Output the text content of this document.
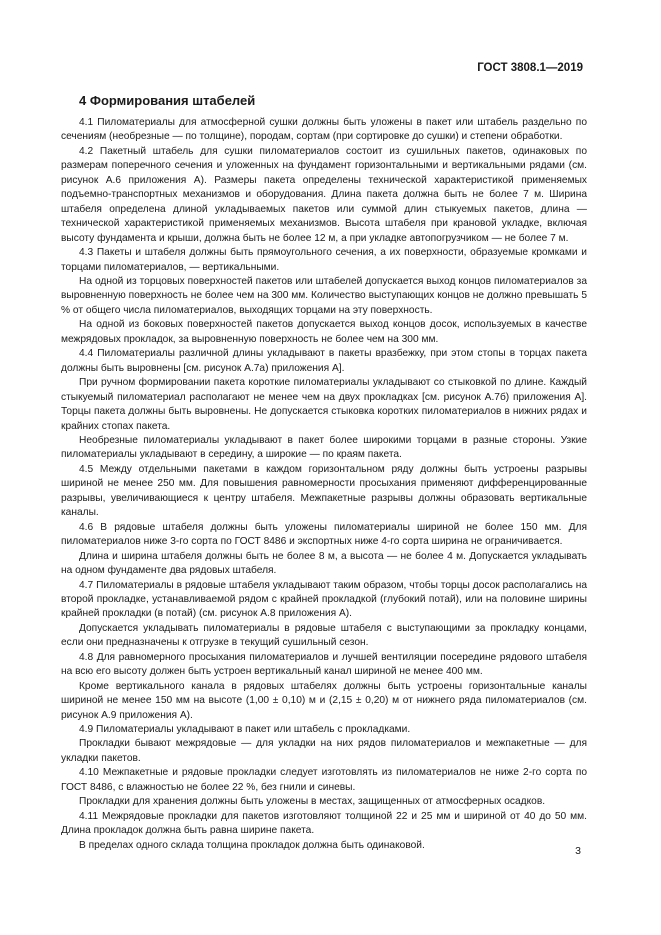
ГОСТ 3808.1—2019
4 Формирования штабелей

4.1 Пиломатериалы для атмосферной сушки должны быть уложены в пакет или штабель раздельно по сечениям (необрезные — по толщине), породам, сортам (при сортировке до сушки) и степени обработки.

4.2 Пакетный штабель для сушки пиломатериалов состоит из сушильных пакетов, одинаковых по размерам поперечного сечения и уложенных на фундамент горизонтальными и вертикальными рядами (см. рисунок А.6 приложения А). Размеры пакета определены технической характеристикой применяемых подъемно-транспортных механизмов и оборудования. Длина пакета должна быть не более 7 м. Ширина штабеля определена длиной укладываемых пакетов или суммой длин стыкуемых пакетов, длина — технической характеристикой применяемых механизмов. Высота штабеля при крановой укладке, включая высоту фундамента и крыши, должна быть не более 12 м, а при укладке автопогрузчиком — не более 7 м.

4.3 Пакеты и штабеля должны быть прямоугольного сечения, а их поверхности, образуемые кромками и торцами пиломатериалов, — вертикальными.

На одной из торцовых поверхностей пакетов или штабелей допускается выход концов пиломатериалов за выровненную поверхность не более чем на 300 мм. Количество выступающих концов не должно превышать 5 % от общего числа пиломатериалов, выходящих торцами на эту поверхность.

На одной из боковых поверхностей пакетов допускается выход концов досок, используемых в качестве межрядовых прокладок, за выровненную поверхность не более чем на 300 мм.

4.4 Пиломатериалы различной длины укладывают в пакеты вразбежку, при этом стопы в торцах пакета должны быть выровнены [см. рисунок А.7а) приложения А].

При ручном формировании пакета короткие пиломатериалы укладывают со стыковкой по длине. Каждый стыкуемый пиломатериал располагают не менее чем на двух прокладках [см. рисунок А.7б) приложения А]. Торцы пакета должны быть выровнены. Не допускается стыковка коротких пиломатериалов в нижних рядах и крайних стопах пакета.

Необрезные пиломатериалы укладывают в пакет более широкими торцами в разные стороны. Узкие пиломатериалы укладывают в середину, а широкие — по краям пакета.

4.5 Между отдельными пакетами в каждом горизонтальном ряду должны быть устроены разрывы шириной не менее 250 мм. Для повышения равномерности просыхания применяют дифференцированные разрывы, увеличивающиеся к центру штабеля. Межпакетные разрывы должны образовать вертикальные каналы.

4.6 В рядовые штабеля должны быть уложены пиломатериалы шириной не более 150 мм. Для пиломатериалов ниже 3-го сорта по ГОСТ 8486 и экспортных ниже 4-го сорта ширина не ограничивается.

Длина и ширина штабеля должны быть не более 8 м, а высота — не более 4 м. Допускается укладывать на одном фундаменте два рядовых штабеля.

4.7 Пиломатериалы в рядовые штабеля укладывают таким образом, чтобы торцы досок располагались на второй прокладке, устанавливаемой рядом с крайней прокладкой (глубокий потай), или на половине ширины крайней прокладки (в потай) (см. рисунок А.8 приложения А).

Допускается укладывать пиломатериалы в рядовые штабеля с выступающими за прокладку концами, если они предназначены к отгрузке в текущий сушильный сезон.

4.8 Для равномерного просыхания пиломатериалов и лучшей вентиляции посередине рядового штабеля на всю его высоту должен быть устроен вертикальный канал шириной не менее 400 мм.

Кроме вертикального канала в рядовых штабелях должны быть устроены горизонтальные каналы шириной не менее 150 мм на высоте (1,00 ± 0,10) м и (2,15 ± 0,20) м от нижнего ряда пиломатериалов (см. рисунок А.9 приложения А).

4.9 Пиломатериалы укладывают в пакет или штабель с прокладками.

Прокладки бывают межрядовые — для укладки на них рядов пиломатериалов и межпакетные — для укладки пакетов.

4.10 Межпакетные и рядовые прокладки следует изготовлять из пиломатериалов не ниже 2-го сорта по ГОСТ 8486, с влажностью не более 22 %, без гнили и синевы.

Прокладки для хранения должны быть уложены в местах, защищенных от атмосферных осадков.

4.11 Межрядовые прокладки для пакетов изготовляют толщиной 22 и 25 мм и шириной от 40 до 50 мм. Длина прокладок должна быть равна ширине пакета.

В пределах одного склада толщина прокладок должна быть одинаковой.	3
